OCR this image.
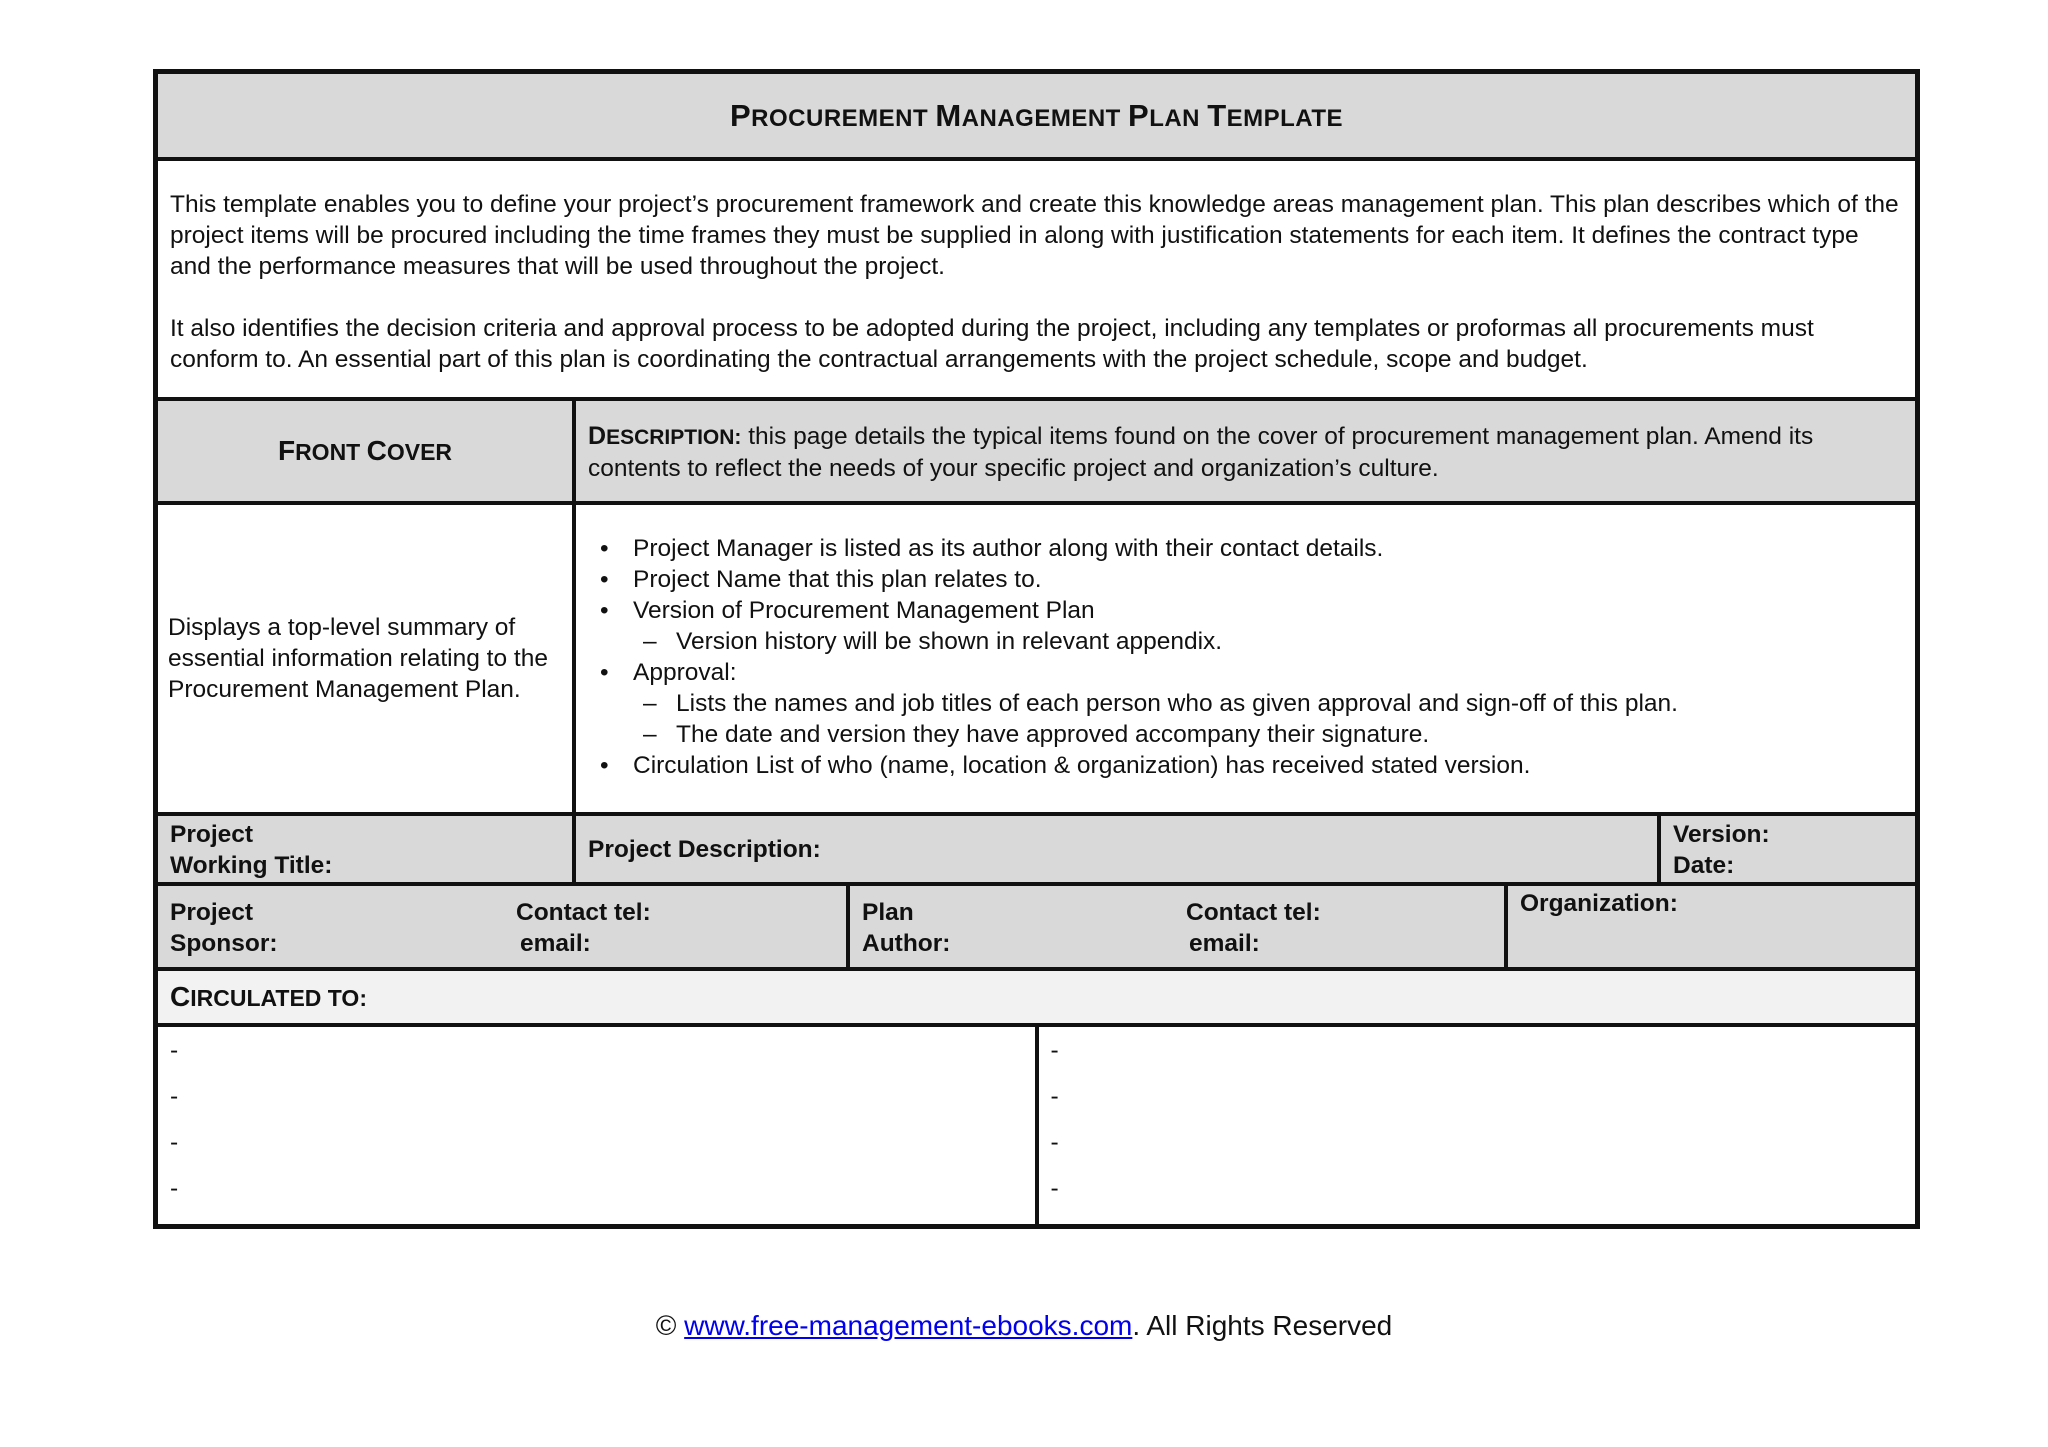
PROCUREMENT MANAGEMENT PLAN TEMPLATE

This template enables you to define your project’s procurement framework and create this knowledge areas management plan. This plan describes which of the project items will be procured including the time frames they must be supplied in along with justification statements for each item. It defines the contract type and the performance measures that will be used throughout the project.

It also identifies the decision criteria and approval process to be adopted during the project, including any templates or proformas all procurements must conform to. An essential part of this plan is coordinating the contractual arrangements with the project schedule, scope and budget.

FRONT COVER
DESCRIPTION: this page details the typical items found on the cover of procurement management plan. Amend its contents to reflect the needs of your specific project and organization’s culture.
Displays a top-level summary of essential information relating to the Procurement Management Plan.
• Project Manager is listed as its author along with their contact details.
• Project Name that this plan relates to.
• Version of Procurement Management Plan
– Version history will be shown in relevant appendix.
• Approval:
– Lists the names and job titles of each person who as given approval and sign-off of this plan.
– The date and version they have approved accompany their signature.
• Circulation List of who (name, location & organization) has received stated version.
Project
Working Title:
Project Description:
Version:
Date:
Project
Sponsor:
Contact tel:
email:
Plan
Author:
Contact tel:
email:
Organization:
CIRCULATED TO:
-
-
-
-
-
-
-
-
© www.free-management-ebooks.com. All Rights Reserved
